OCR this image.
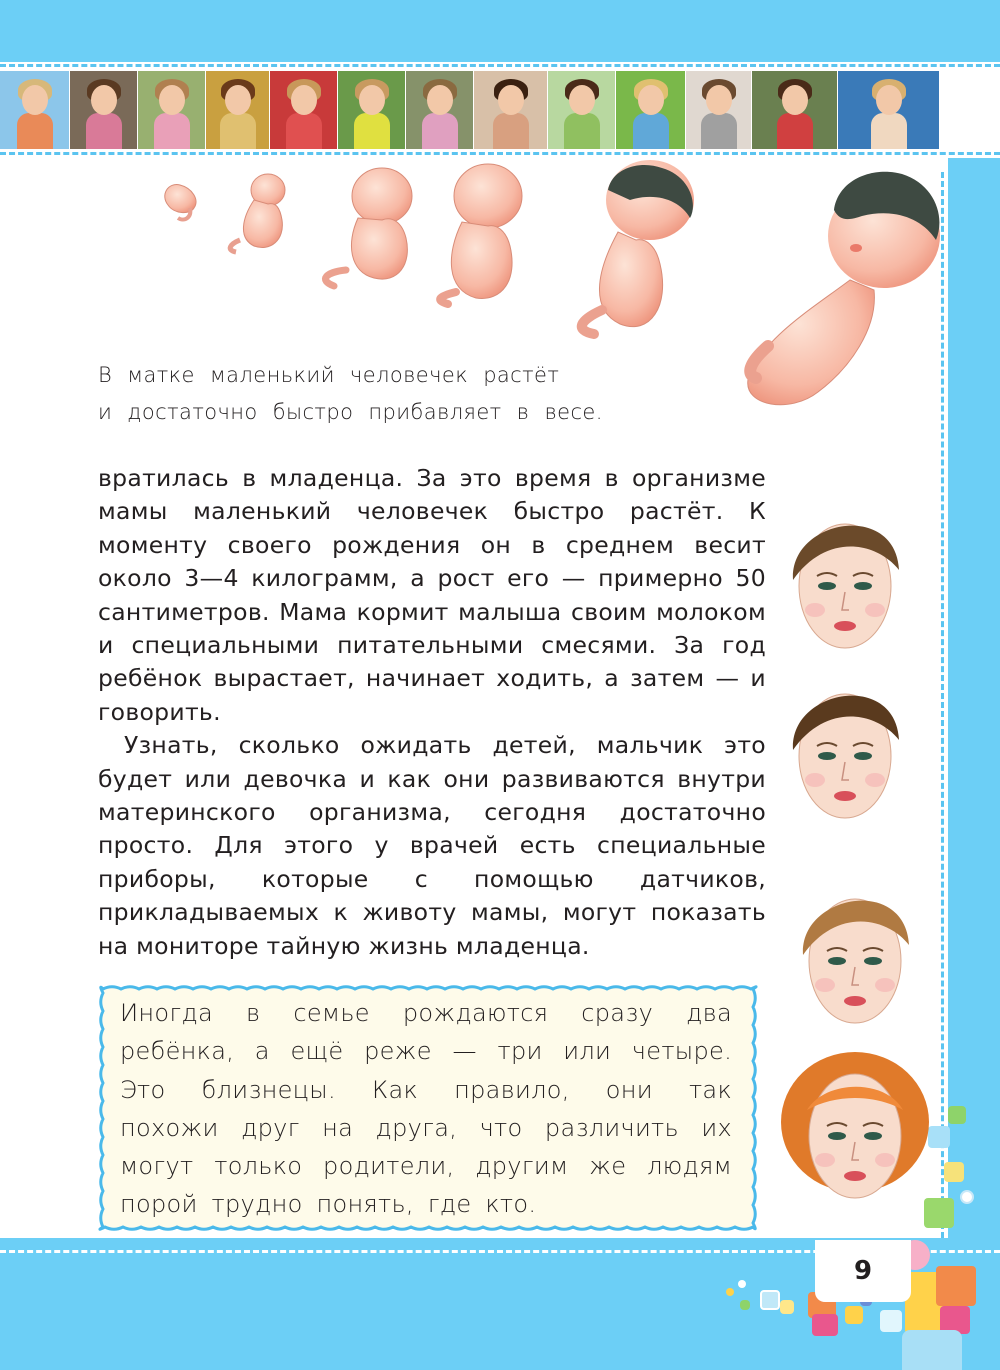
9
В матке маленький человечек растёт
и достаточно быстро прибавляет в весе.

вратилась в младенца. За это время в организме мамы маленький человечек быстро растёт. К моменту своего рождения он в среднем весит около 3—4 килограмм, а рост его — примерно 50 сантиметров. Мама кормит малыша своим молоком и специальными питательными смесями. За год ребёнок вырастает, начинает ходить, а затем — и говорить.

Узнать, сколько ожидать детей, мальчик это будет или девочка и как они развиваются внутри материнского организма, сегодня достаточно просто. Для этого у врачей есть специальные приборы, которые с помощью датчиков, прикладываемых к животу мамы, могут показать на мониторе тайную жизнь младенца.

Иногда в семье рождаются сразу два ребёнка, а ещё реже — три или четыре. Это близнецы. Как правило, они так похожи друг на друга, что различить их могут только родители, другим же людям порой трудно понять, где кто.
